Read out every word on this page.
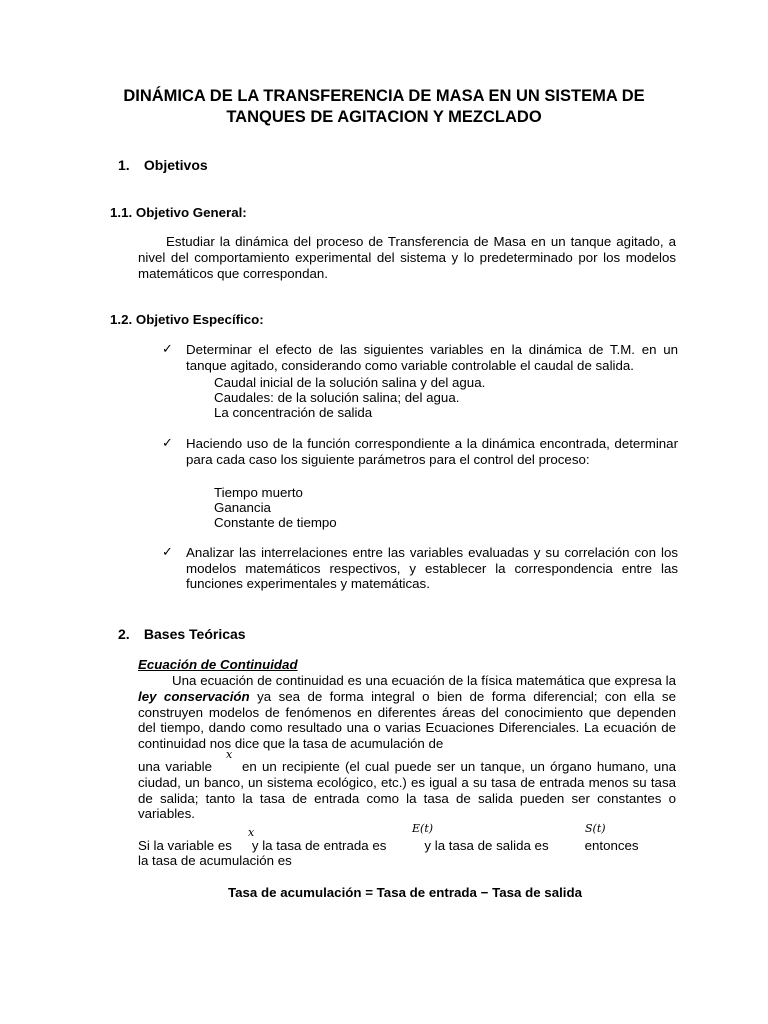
DINÁMICA DE LA TRANSFERENCIA DE MASA EN UN SISTEMA DE
TANQUES DE AGITACION Y MEZCLADO
1. Objetivos
1.1. Objetivo General:
Estudiar la dinámica del proceso de Transferencia de Masa en un tanque agitado, a nivel del comportamiento experimental del sistema y lo predeterminado por los modelos matemáticos que correspondan.
1.2. Objetivo Específico:
✓ Determinar el efecto de las siguientes variables en la dinámica de T.M. en un tanque agitado, considerando como variable controlable el caudal de salida.
Caudal inicial de la solución salina y del agua.
Caudales: de la solución salina; del agua.
La concentración de salida
✓ Haciendo uso de la función correspondiente a la dinámica encontrada, determinar para cada caso los siguiente parámetros para el control del proceso:
Tiempo muerto
Ganancia
Constante de tiempo
✓ Analizar las interrelaciones entre las variables evaluadas y su correlación con los modelos matemáticos respectivos, y establecer la correspondencia entre las funciones experimentales y matemáticas.
2. Bases Teóricas
Ecuación de Continuidad
Una ecuación de continuidad es una ecuación de la física matemática que expresa la ley conservación ya sea de forma integral o bien de forma diferencial; con ella se construyen modelos de fenómenos en diferentes áreas del conocimiento que dependen del tiempo, dando como resultado una o varias Ecuaciones Diferenciales. La ecuación de continuidad nos dice que la tasa de acumulación de
x
una variable en un recipiente (el cual puede ser un tanque, un órgano humano, una ciudad, un banco, un sistema ecológico, etc.) es igual a su tasa de entrada menos su tasa de salida; tanto la tasa de entrada como la tasa de salida pueden ser constantes o variables.
x	E(t)	S(t)
Si la variable es y la tasa de entrada es	y la tasa de salida es	entonces
la tasa de acumulación es
Tasa de acumulación = Tasa de entrada − Tasa de salida
